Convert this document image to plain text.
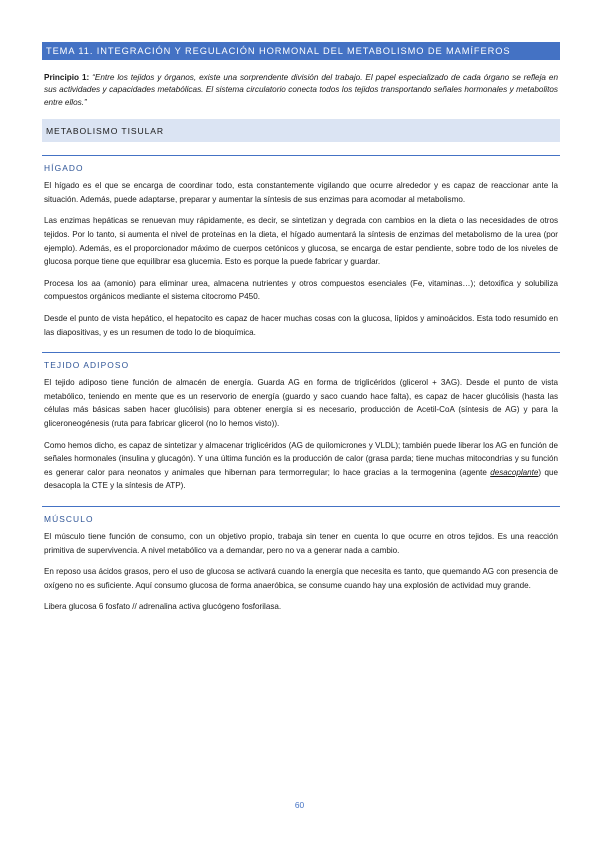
TEMA 11. INTEGRACIÓN Y REGULACIÓN HORMONAL DEL METABOLISMO DE MAMÍFEROS
Principio 1: “Entre los tejidos y órganos, existe una sorprendente división del trabajo. El papel especializado de cada órgano se refleja en sus actividades y capacidades metabólicas. El sistema circulatorio conecta todos los tejidos transportando señales hormonales y metabolitos entre ellos.”
METABOLISMO TISULAR
HÍGADO

El hígado es el que se encarga de coordinar todo, esta constantemente vigilando que ocurre alrededor y es capaz de reaccionar ante la situación. Además, puede adaptarse, preparar y aumentar la síntesis de sus enzimas para acomodar al metabolismo.

Las enzimas hepáticas se renuevan muy rápidamente, es decir, se sintetizan y degrada con cambios en la dieta o las necesidades de otros tejidos. Por lo tanto, si aumenta el nivel de proteínas en la dieta, el hígado aumentará la síntesis de enzimas del metabolismo de la urea (por ejemplo). Además, es el proporcionador máximo de cuerpos cetónicos y glucosa, se encarga de estar pendiente, sobre todo de los niveles de glucosa porque tiene que equilibrar esa glucemia. Esto es porque la puede fabricar y guardar.

Procesa los aa (amonio) para eliminar urea, almacena nutrientes y otros compuestos esenciales (Fe, vitaminas…); detoxifica y solubiliza compuestos orgánicos mediante el sistema citocromo P450.

Desde el punto de vista hepático, el hepatocito es capaz de hacer muchas cosas con la glucosa, lípidos y aminoácidos. Esta todo resumido en las diapositivas, y es un resumen de todo lo de bioquímica.

TEJIDO ADIPOSO

El tejido adiposo tiene función de almacén de energía. Guarda AG en forma de triglicéridos (glicerol + 3AG). Desde el punto de vista metabólico, teniendo en mente que es un reservorio de energía (guardo y saco cuando hace falta), es capaz de hacer glucólisis (hasta las células más básicas saben hacer glucólisis) para obtener energía si es necesario, producción de Acetil-CoA (síntesis de AG) y para la gliceroneogénesis (ruta para fabricar glicerol (no lo hemos visto)).

Como hemos dicho, es capaz de sintetizar y almacenar triglicéridos (AG de quilomicrones y VLDL); también puede liberar los AG en función de señales hormonales (insulina y glucagón). Y una última función es la producción de calor (grasa parda; tiene muchas mitocondrias y su función es generar calor para neonatos y animales que hibernan para termorregular; lo hace gracias a la termogenina (agente desacoplante) que desacopla la CTE y la síntesis de ATP).

MÚSCULO

El músculo tiene función de consumo, con un objetivo propio, trabaja sin tener en cuenta lo que ocurre en otros tejidos. Es una reacción primitiva de supervivencia. A nivel metabólico va a demandar, pero no va a generar nada a cambio.

En reposo usa ácidos grasos, pero el uso de glucosa se activará cuando la energía que necesita es tanto, que quemando AG con presencia de oxígeno no es suficiente. Aquí consumo glucosa de forma anaeróbica, se consume cuando hay una explosión de actividad muy grande.

Libera glucosa 6 fosfato // adrenalina activa glucógeno fosforilasa.

60
